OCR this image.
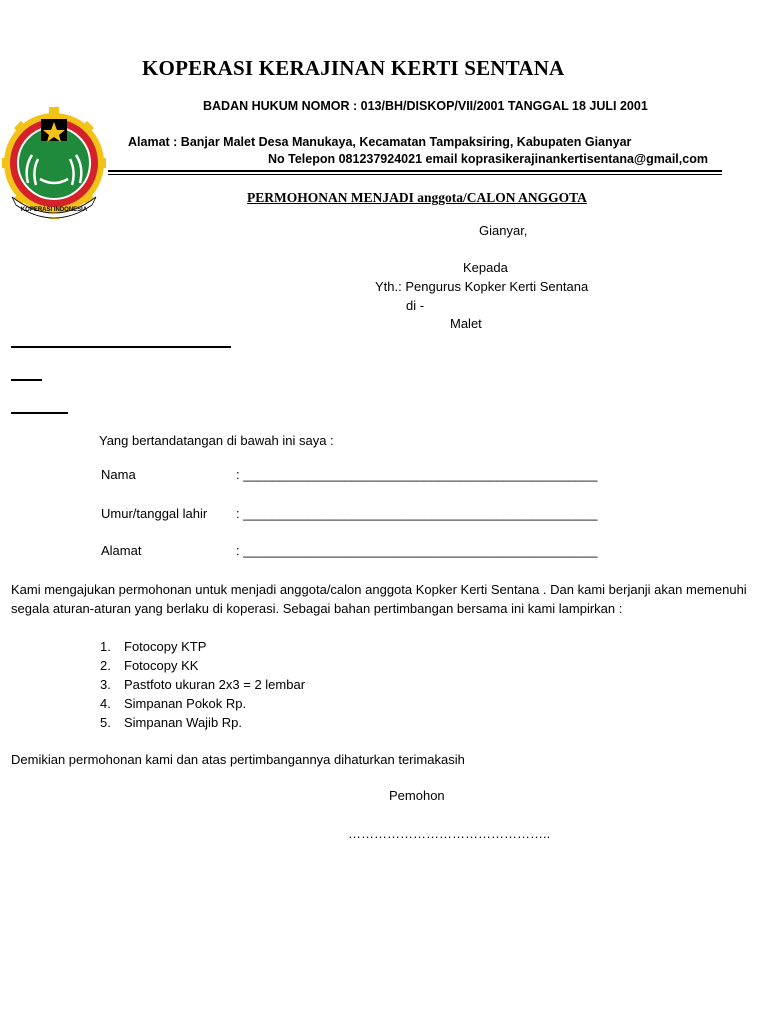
KOPERASI INDONESIA
KOPERASI KERAJINAN KERTI SENTANA
BADAN HUKUM NOMOR : 013/BH/DISKOP/VII/2001 TANGGAL 18 JULI 2001
Alamat : Banjar Malet Desa Manukaya, Kecamatan Tampaksiring, Kabupaten Gianyar
No Telepon 081237924021 email koprasikerajinankertisentana@gmail,com
PERMOHONAN MENJADI anggota/CALON ANGGOTA
Gianyar,
Kepada
Yth.: Pengurus Kopker Kerti Sentana
di -
Malet
Yang bertandatangan di bawah ini saya :
Nama	: _________________________________________________
Umur/tanggal lahir : _________________________________________________
Alamat	: _________________________________________________
Kami mengajukan permohonan untuk menjadi anggota/calon anggota Kopker Kerti Sentana . Dan kami berjanji akan memenuhi segala aturan-aturan yang berlaku di koperasi. Sebagai bahan pertimbangan bersama ini kami lampirkan :
1. Fotocopy KTP
2. Fotocopy KK
3. Pastfoto ukuran 2x3 = 2 lembar
4. Simpanan Pokok Rp.
5. Simpanan Wajib Rp.
Demikian permohonan kami dan atas pertimbangannya dihaturkan terimakasih
Pemohon
………………………………………..
